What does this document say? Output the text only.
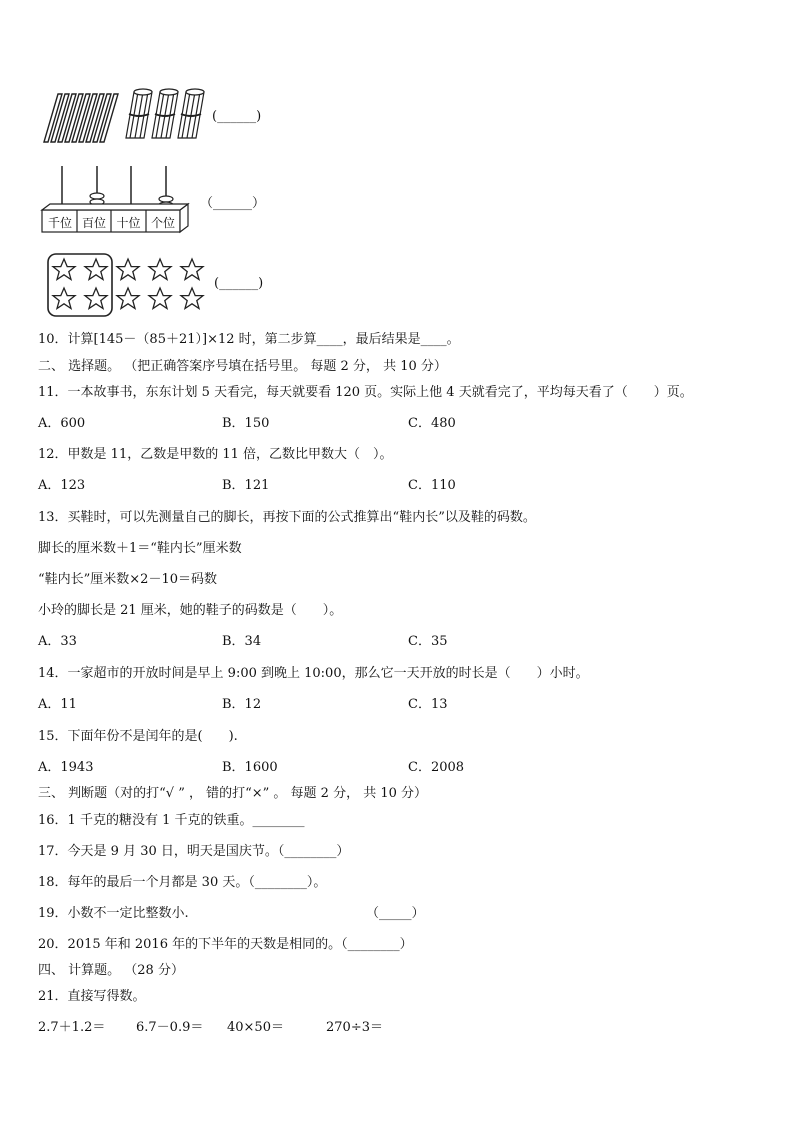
(______)
千位 百位 十位 个位
（______）
(______)
10．计算[145－（85＋21）]×12 时，第二步算____，最后结果是____。
二、 选择题。 （把正确答案序号填在括号里。 每题 2 分， 共 10 分）
11．一本故事书，东东计划 5 天看完，每天就要看 120 页。实际上他 4 天就看完了，平均每天看了（　　）页。
A．600	B．150	C．480
12．甲数是 11，乙数是甲数的 11 倍，乙数比甲数大（　）。
A．123	B．121	C．110
13．买鞋时，可以先测量自己的脚长，再按下面的公式推算出“鞋内长”以及鞋的码数。
脚长的厘米数＋1＝“鞋内长”厘米数
“鞋内长”厘米数×2－10＝码数
小玲的脚长是 21 厘米，她的鞋子的码数是（　　）。
A．33	B．34	C．35
14．一家超市的开放时间是早上 9:00 到晚上 10:00，那么它一天开放的时长是（　　）小时。
A．11	B．12	C．13
15．下面年份不是闰年的是(　　).
A．1943	B．1600	C．2008
三、 判断题（对的打“√ ” ， 错的打“×” 。 每题 2 分， 共 10 分）
16．1 千克的糖没有 1 千克的铁重。________
17．今天是 9 月 30 日，明天是国庆节。（________）
18．每年的最后一个月都是 30 天。（________）。
19．小数不一定比整数小.	（_____）
20．2015 年和 2016 年的下半年的天数是相同的。（________）
四、 计算题。 （28 分）
21．直接写得数。
2.7＋1.2＝ 6.7－0.9＝ 40×50＝	270÷3＝
